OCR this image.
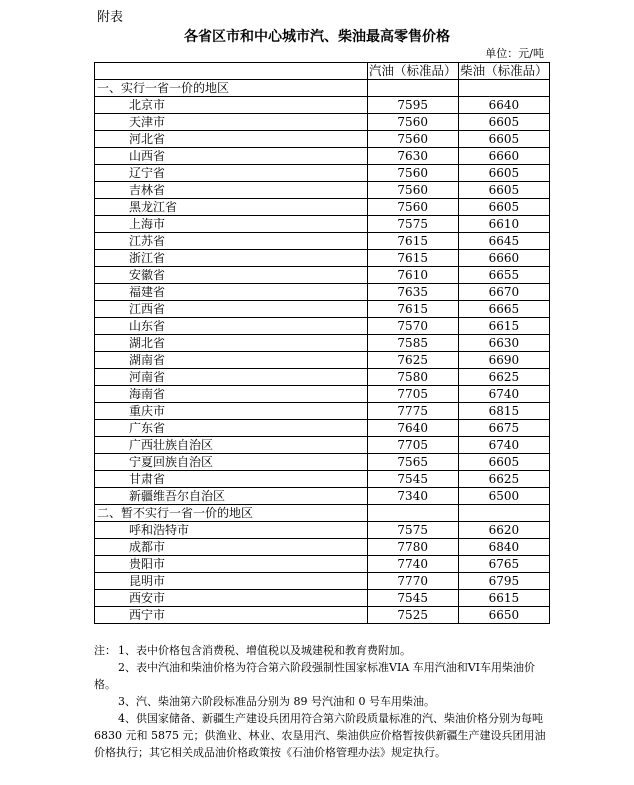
附表
各省区市和中心城市汽、柴油最高零售价格
单位：元/吨
	汽油（标准品）	柴油（标准品）
一、实行一省一价的地区		
北京市	7595	6640
天津市	7560	6605
河北省	7560	6605
山西省	7630	6660
辽宁省	7560	6605
吉林省	7560	6605
黑龙江省	7560	6605
上海市	7575	6610
江苏省	7615	6645
浙江省	7615	6660
安徽省	7610	6655
福建省	7635	6670
江西省	7615	6665
山东省	7570	6615
湖北省	7585	6630
湖南省	7625	6690
河南省	7580	6625
海南省	7705	6740
重庆市	7775	6815
广东省	7640	6675
广西壮族自治区	7705	6740
宁夏回族自治区	7565	6605
甘肃省	7545	6625
新疆维吾尔自治区	7340	6500
二、暂不实行一省一价的地区		
呼和浩特市	7575	6620
成都市	7780	6840
贵阳市	7740	6765
昆明市	7770	6795
西安市	7545	6615
西宁市	7525	6650
注： 1、表中价格包含消费税、增值税以及城建税和教育费附加。
2、表中汽油和柴油价格为符合第六阶段强制性国家标准VIA 车用汽油和VI车用柴油价格。
3、汽、柴油第六阶段标准品分别为 89 号汽油和 0 号车用柴油。
4、供国家储备、新疆生产建设兵团用符合第六阶段质量标准的汽、柴油价格分别为每吨 6830 元和 5875 元；供渔业、林业、农垦用汽、柴油供应价格暂按供新疆生产建设兵团用油价格执行；其它相关成品油价格政策按《石油价格管理办法》规定执行。
